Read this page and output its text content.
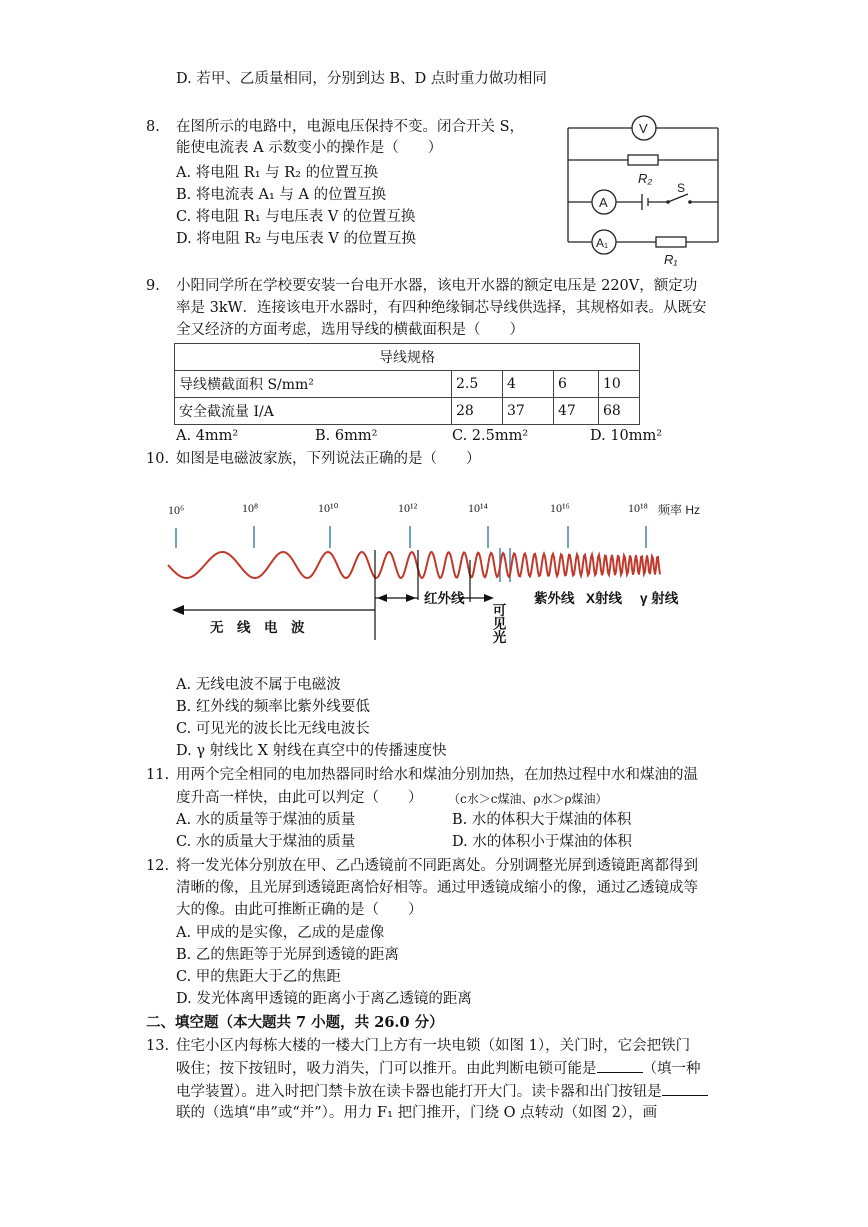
D. 若甲、乙质量相同，分别到达 B、D 点时重力做功相同
8. 在图所示的电路中，电源电压保持不变。闭合开关 S，
能使电流表 A 示数变小的操作是（　　）
A. 将电阻 R₁ 与 R₂ 的位置互换
B. 将电流表 A₁ 与 A 的位置互换
C. 将电阻 R₁ 与电压表 V 的位置互换
D. 将电阻 R₂ 与电压表 V 的位置互换
V
R₂
S
A
A₁
R₁
9. 小阳同学所在学校要安装一台电开水器，该电开水器的额定电压是 220V，额定功
率是 3kW．连接该电开水器时，有四种绝缘铜芯导线供选择，其规格如表。从既安
全又经济的方面考虑，选用导线的横截面积是（　　）
导线规格				
导线横截面积 S/mm²	2.5	4	6	10
安全截流量 I/A	28	37	47	68
A. 4mm²	B. 6mm²	C. 2.5mm²	D. 10mm²
10. 如图是电磁波家族，下列说法正确的是（　　）
10⁶	10⁸	10¹⁰	10¹²	10¹⁴	10¹⁶	10¹⁸ 频率 Hz
无　线　电　波
红外线	紫外线 X射线 γ 射线
可见光
A. 无线电波不属于电磁波
B. 红外线的频率比紫外线要低
C. 可见光的波长比无线电波长
D. γ 射线比 X 射线在真空中的传播速度快
11. 用两个完全相同的电加热器同时给水和煤油分别加热，在加热过程中水和煤油的温
度升高一样快，由此可以判定（　　） （c水＞c煤油、ρ水＞ρ煤油）
A. 水的质量等于煤油的质量	B. 水的体积大于煤油的体积
C. 水的质量大于煤油的质量	D. 水的体积小于煤油的体积
12. 将一发光体分别放在甲、乙凸透镜前不同距离处。分别调整光屏到透镜距离都得到
清晰的像，且光屏到透镜距离恰好相等。通过甲透镜成缩小的像，通过乙透镜成等
大的像。由此可推断正确的是（　　）
A. 甲成的是实像，乙成的是虚像
B. 乙的焦距等于光屏到透镜的距离
C. 甲的焦距大于乙的焦距
D. 发光体离甲透镜的距离小于离乙透镜的距离
二、填空题（本大题共 7 小题，共 26.0 分）
13. 住宅小区内每栋大楼的一楼大门上方有一块电锁（如图 1），关门时，它会把铁门
吸住；按下按钮时，吸力消失，门可以推开。由此判断电锁可能是	（填一种
电学装置）。进入时把门禁卡放在读卡器也能打开大门。读卡器和出门按钮是
联的（选填“串”或“并”）。用力 F₁ 把门推开，门绕 O 点转动（如图 2），画
